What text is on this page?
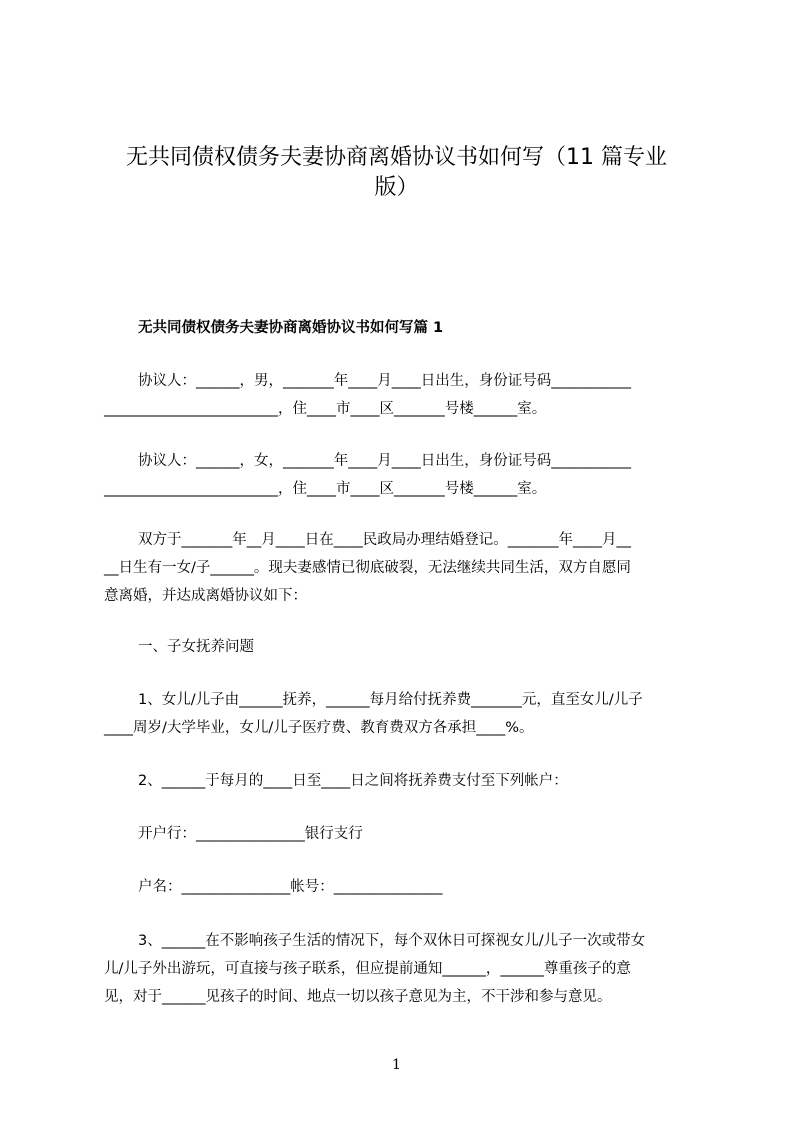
无共同债权债务夫妻协商离婚协议书如何写（11 篇专业
版）
无共同债权债务夫妻协商离婚协议书如何写篇 1
协议人：______，男，_______年____月____日出生，身份证号码___________
________________________，住____市____区_______号楼______室。
协议人：______，女，_______年____月____日出生，身份证号码___________
________________________，住____市____区_______号楼______室。
双方于_______年__月____日在____民政局办理结婚登记。_______年____月__
__日生有一女/子______。现夫妻感情已彻底破裂，无法继续共同生活，双方自愿同
意离婚，并达成离婚协议如下：
一、子女抚养问题
1、女儿/儿子由______抚养，______每月给付抚养费_______元，直至女儿/儿子
____周岁/大学毕业，女儿/儿子医疗费、教育费双方各承担____%。
2、______于每月的____日至____日之间将抚养费支付至下列帐户：
开户行：_______________银行支行
户名：_______________帐号：_______________
3、______在不影响孩子生活的情况下，每个双休日可探视女儿/儿子一次或带女
儿/儿子外出游玩，可直接与孩子联系，但应提前通知______，______尊重孩子的意
见，对于______见孩子的时间、地点一切以孩子意见为主，不干涉和参与意见。
1
